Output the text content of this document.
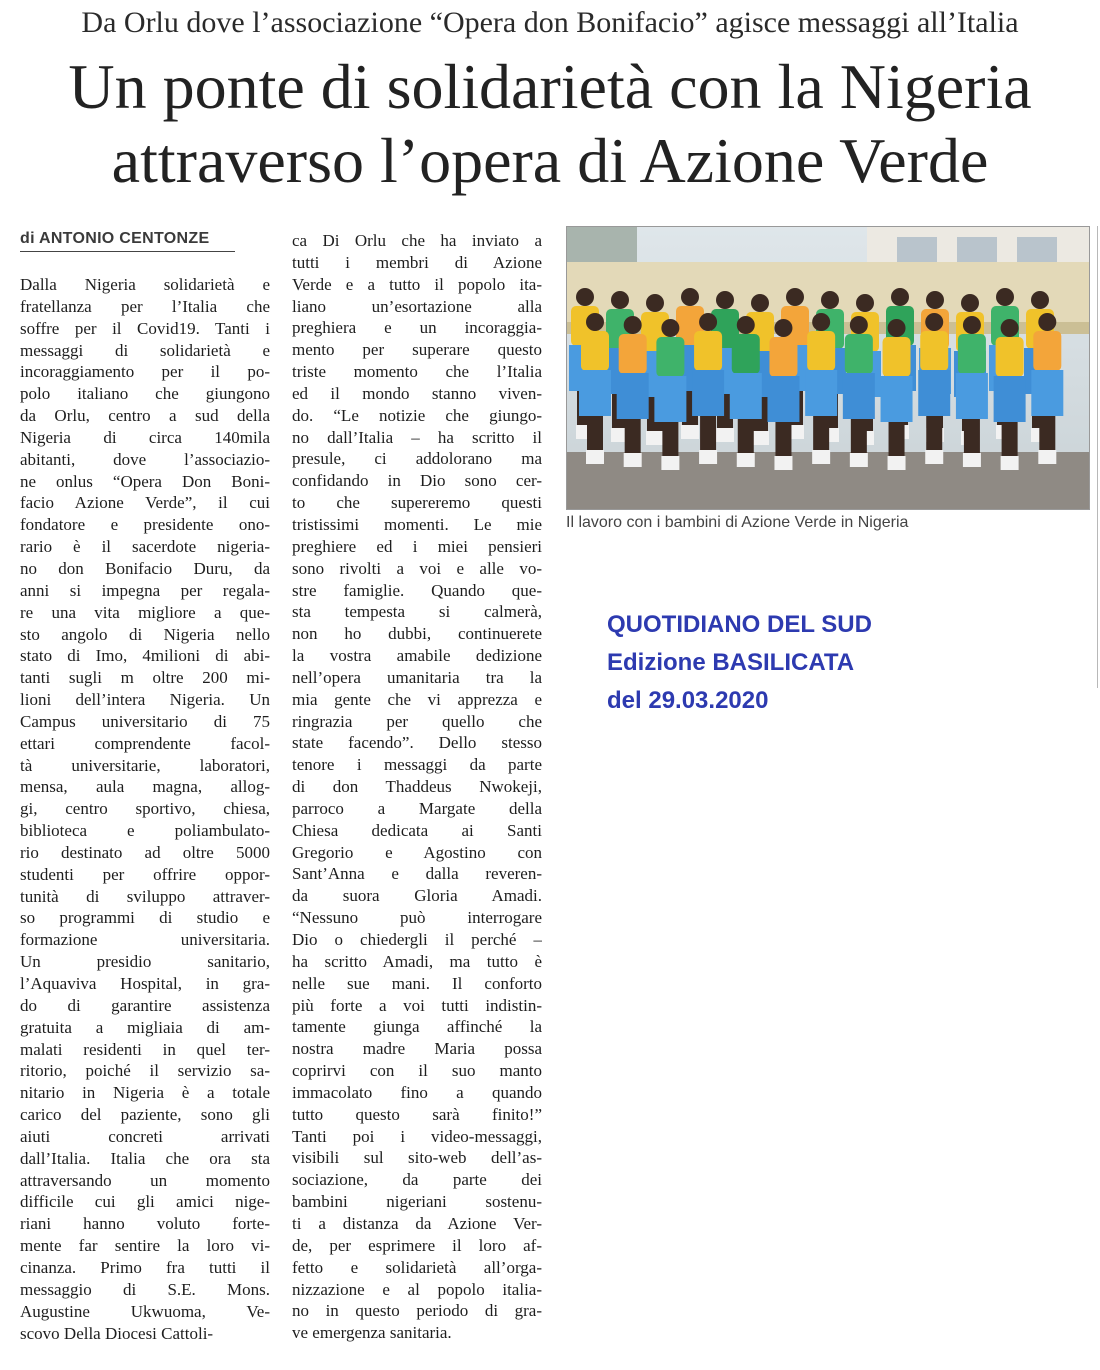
Da Orlu dove l’associazione “Opera don Bonifacio” agisce messaggi all’Italia
Un ponte di solidarietà con la Nigeria
attraverso l’opera di Azione Verde
di ANTONIO CENTONZE
Dalla Nigeria solidarietà e
fratellanza per l’Italia che
soffre per il Covid19. Tanti i
messaggi di solidarietà e
incoraggiamento per il po-
polo italiano che giungono
da Orlu, centro a sud della
Nigeria di circa 140mila
abitanti, dove l’associazio-
ne onlus “Opera Don Boni-
facio Azione Verde”, il cui
fondatore e presidente ono-
rario è il sacerdote nigeria-
no don Bonifacio Duru, da
anni si impegna per regala-
re una vita migliore a que-
sto angolo di Nigeria nello
stato di Imo, 4milioni di abi-
tanti sugli m oltre 200 mi-
lioni dell’intera Nigeria. Un
Campus universitario di 75
ettari comprendente facol-
tà universitarie, laboratori,
mensa, aula magna, allog-
gi, centro sportivo, chiesa,
biblioteca e poliambulato-
rio destinato ad oltre 5000
studenti per offrire oppor-
tunità di sviluppo attraver-
so programmi di studio e
formazione universitaria.
Un presidio sanitario,
l’Aquaviva Hospital, in gra-
do di garantire assistenza
gratuita a migliaia di am-
malati residenti in quel ter-
ritorio, poiché il servizio sa-
nitario in Nigeria è a totale
carico del paziente, sono gli
aiuti concreti arrivati
dall’Italia. Italia che ora sta
attraversando un momento
difficile cui gli amici nige-
riani hanno voluto forte-
mente far sentire la loro vi-
cinanza. Primo fra tutti il
messaggio di S.E. Mons.
Augustine Ukwuoma, Ve-
scovo Della Diocesi Cattoli-
ca Di Orlu che ha inviato a
tutti i membri di Azione
Verde e a tutto il popolo ita-
liano un’esortazione alla
preghiera e un incoraggia-
mento per superare questo
triste momento che l’Italia
ed il mondo stanno viven-
do. “Le notizie che giungo-
no dall’Italia – ha scritto il
presule, ci addolorano ma
confidando in Dio sono cer-
to che supereremo questi
tristissimi momenti. Le mie
preghiere ed i miei pensieri
sono rivolti a voi e alle vo-
stre famiglie. Quando que-
sta tempesta si calmerà,
non ho dubbi, continuerete
la vostra amabile dedizione
nell’opera umanitaria tra la
mia gente che vi apprezza e
ringrazia per quello che
state facendo”. Dello stesso
tenore i messaggi da parte
di don Thaddeus Nwokeji,
parroco a Margate della
Chiesa dedicata ai Santi
Gregorio e Agostino con
Sant’Anna e dalla reveren-
da suora Gloria Amadi.
“Nessuno può interrogare
Dio o chiedergli il perché –
ha scritto Amadi, ma tutto è
nelle sue mani. Il conforto
più forte a voi tutti indistin-
tamente giunga affinché la
nostra madre Maria possa
coprirvi con il suo manto
immacolato fino a quando
tutto questo sarà finito!”
Tanti poi i video-messaggi,
visibili sul sito-web dell’as-
sociazione, da parte dei
bambini nigeriani sostenu-
ti a distanza da Azione Ver-
de, per esprimere il loro af-
fetto e solidarietà all’orga-
nizzazione e al popolo italia-
no in questo periodo di gra-
ve emergenza sanitaria.
Il lavoro con i bambini di Azione Verde in Nigeria
QUOTIDIANO DEL SUD
Edizione BASILICATA
del 29.03.2020
